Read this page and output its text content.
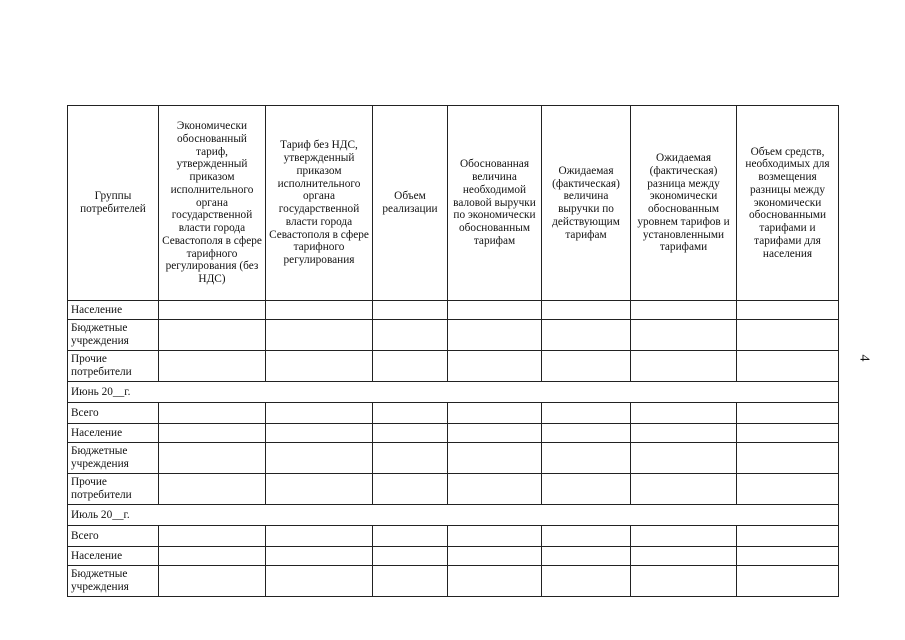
4
Группы потребителей	Экономически обоснованный тариф, утвержденный приказом исполнительного органа государственной власти города Севастополя в сфере тарифного регулирования (без НДС)	Тариф без НДС, утвержденный приказом исполнительного органа государственной власти города Севастополя в сфере тарифного регулирования	Объем реализации	Обоснованная величина необходимой валовой выручки по экономически обоснованным тарифам	Ожидаемая (фактическая) величина выручки по действующим тарифам	Ожидаемая (фактическая) разница между экономически обоснованным уровнем тарифов и установленными тарифами	Объем средств, необходимых для возмещения разницы между экономически обоснованными тарифами и тарифами для населения
Население							
Бюджетные учреждения							
Прочие потребители							
Июнь 20__г.							
Всего							
Население							
Бюджетные учреждения							
Прочие потребители							
Июль 20__г.							
Всего							
Население							
Бюджетные учреждения							
